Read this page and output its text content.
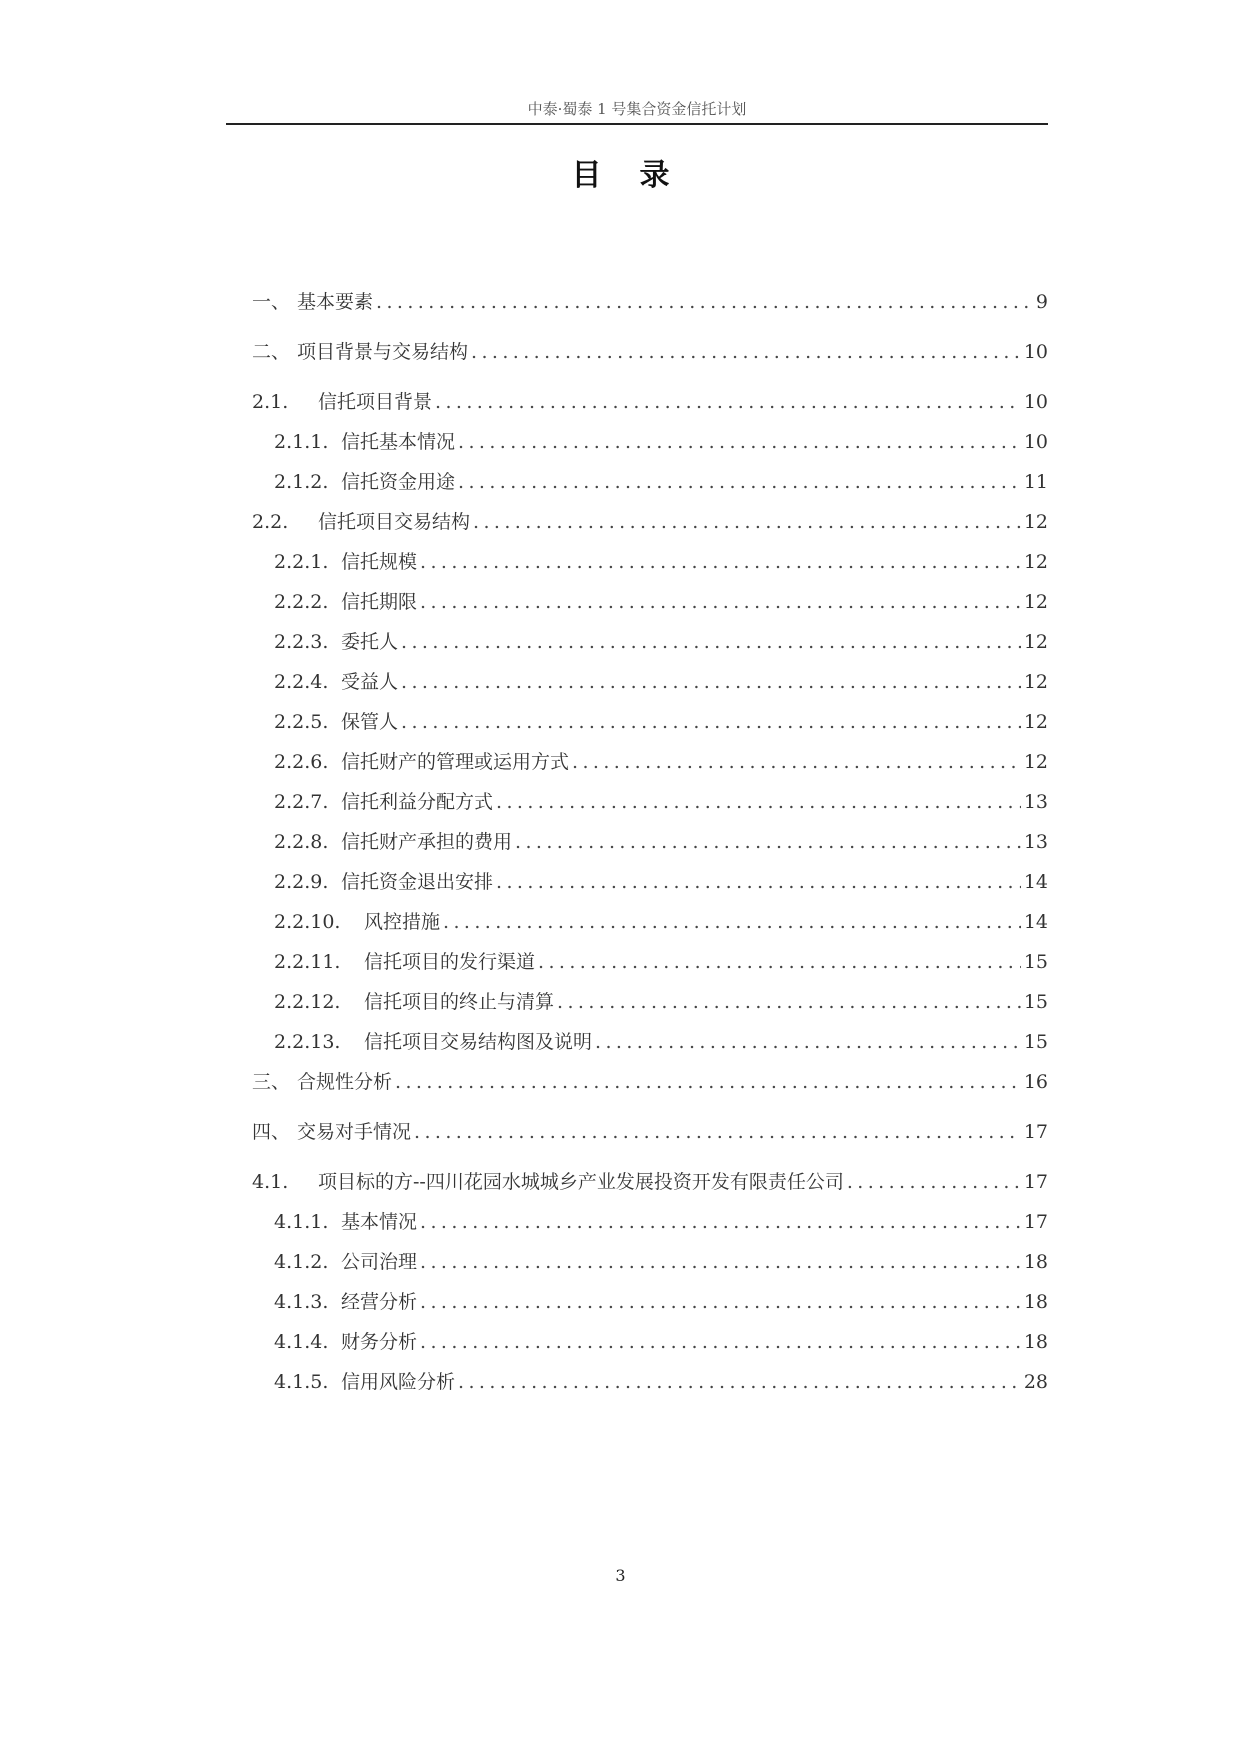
中泰·蜀泰 1 号集合资金信托计划
目录
一、 基本要素 .....	9
二、 项目背景与交易结构 .....	10
2.1.	信托项目背景 .....	10
2.1.1. 信托基本情况 .....	10
2.1.2. 信托资金用途 .....	11
2.2.	信托项目交易结构 .....	12
2.2.1. 信托规模 .....	12
2.2.2. 信托期限 .....	12
2.2.3. 委托人 .....	12
2.2.4. 受益人 .....	12
2.2.5. 保管人 .....	12
2.2.6. 信托财产的管理或运用方式 .....	12
2.2.7. 信托利益分配方式 .....	13
2.2.8. 信托财产承担的费用 .....	13
2.2.9. 信托资金退出安排 .....	14
2.2.10.	风控措施 .....	14
2.2.11.	信托项目的发行渠道 .....	15
2.2.12.	信托项目的终止与清算 .....	15
2.2.13.	信托项目交易结构图及说明 .....	15
三、 合规性分析 .....	16
四、 交易对手情况 .....	17
4.1.	项目标的方--四川花园水城城乡产业发展投资开发有限责任公司 .....	17
4.1.1. 基本情况 .....	17
4.1.2. 公司治理 .....	18
4.1.3. 经营分析 .....	18
4.1.4. 财务分析 .....	18
4.1.5. 信用风险分析 .....	28
3
